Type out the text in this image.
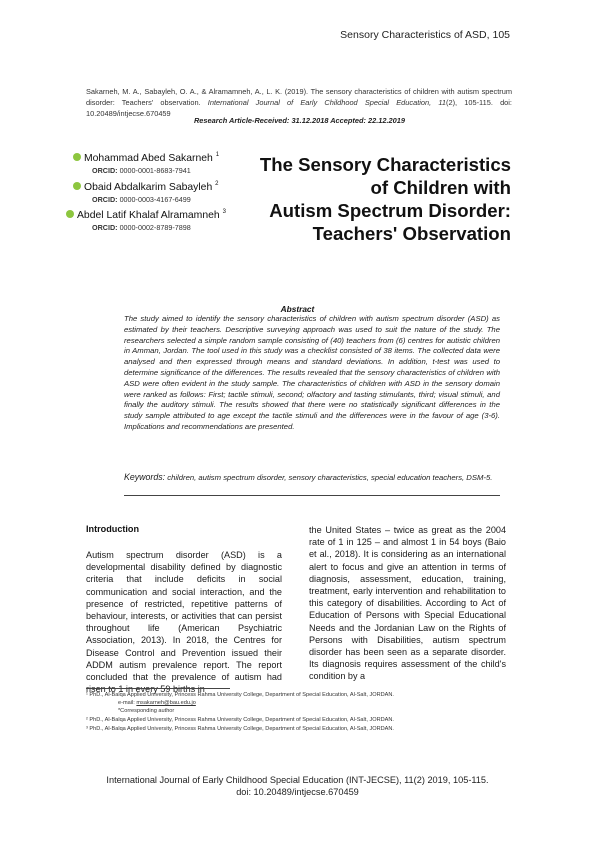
Sensory Characteristics of ASD, 105
Sakarneh, M. A., Sabayleh, O. A., & Alramamneh, A., L. K. (2019). The sensory characteristics of children with autism spectrum disorder: Teachers' observation. International Journal of Early Childhood Special Education, 11(2), 105-115. doi: 10.20489/intjecse.670459
Research Article-Received: 31.12.2018 Accepted: 22.12.2019
Mohammad Abed Sakarneh $^1$
ORCID: 0000-0001-8683-7941
Obaid Abdalkarim Sabayleh $^2$
ORCID: 0000-0003-4167-6499
Abdel Latif Khalaf Alramamneh $^3$
ORCID: 0000-0002-8789-7898
The Sensory Characteristics
of Children with
Autism Spectrum Disorder:
Teachers' Observation
Abstract
The study aimed to identify the sensory characteristics of children with autism spectrum disorder (ASD) as estimated by their teachers. Descriptive surveying approach was used to suit the nature of the study. The researchers selected a simple random sample consisting of (40) teachers from (6) centres for autistic children in Amman, Jordan. The tool used in this study was a checklist consisted of 38 items. The collected data were analysed and then expressed through means and standard deviations. In addition, t-test was used to determine significance of the differences. The results revealed that the sensory characteristics of children with ASD were often evident in the study sample. The characteristics of children with ASD in the sensory domain were ranked as follows: First; tactile stimuli, second; olfactory and tasting stimulants, third; visual stimuli, and finally the auditory stimuli. The results showed that there were no statistically significant differences in the study sample attributed to age except the tactile stimuli and the differences were in the favour of age (3-6). Implications and recommendations are presented.
Keywords: children, autism spectrum disorder, sensory characteristics, special education teachers, DSM-5.
Introduction
Autism spectrum disorder (ASD) is a developmental disability defined by diagnostic criteria that include deficits in social communication and social interaction, and the presence of restricted, repetitive patterns of behaviour, interests, or activities that can persist throughout life (American Psychiatric Association, 2013). In 2018, the Centres for Disease Control and Prevention issued their ADDM autism prevalence report. The report concluded that the prevalence of autism had risen to 1 in every 59 births in
the United States – twice as great as the 2004 rate of 1 in 125 – and almost 1 in 54 boys (Baio et al., 2018). It is considering as an international alert to focus and give an attention in terms of diagnosis, assessment, education, training, treatment, early intervention and rehabilitation to this category of disabilities. According to Act of Education of Persons with Special Educational Needs and the Jordanian Law on the Rights of Persons with Disabilities, autism spectrum disorder has been seen as a separate disorder. Its diagnosis requires assessment of the child's condition by a
¹ PhD., Al-Balqa Applied University, Princess Rahma University College, Department of Special Education, Al-Salt, JORDAN.
e-mail: msakarneh@bau.edu.jo
*Corresponding author
² PhD., Al-Balqa Applied University, Princess Rahma University College, Department of Special Education, Al-Salt, JORDAN.
³ PhD., Al-Balqa Applied University, Princess Rahma University College, Department of Special Education, Al-Salt, JORDAN.
International Journal of Early Childhood Special Education (INT-JECSE), 11(2) 2019, 105-115.
doi: 10.20489/intjecse.670459
